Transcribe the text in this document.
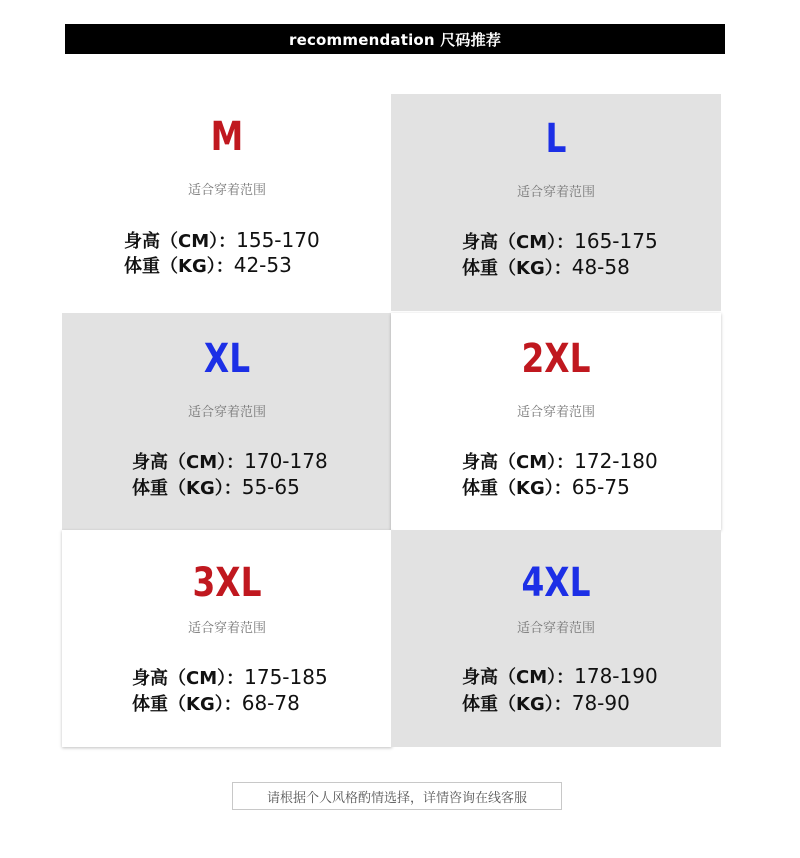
recommendation 尺码推荐
M
适合穿着范围
身高（CM）：155-170
体重（KG）：42-53
L
适合穿着范围
身高（CM）：165-175
体重（KG）：48-58
XL
适合穿着范围
身高（CM）：170-178
体重（KG）：55-65
2XL
适合穿着范围
身高（CM）：172-180
体重（KG）：65-75
3XL
适合穿着范围
身高（CM）：175-185
体重（KG）：68-78
4XL
适合穿着范围
身高（CM）：178-190
体重（KG）：78-90
请根据个人风格酌情选择，详情咨询在线客服
